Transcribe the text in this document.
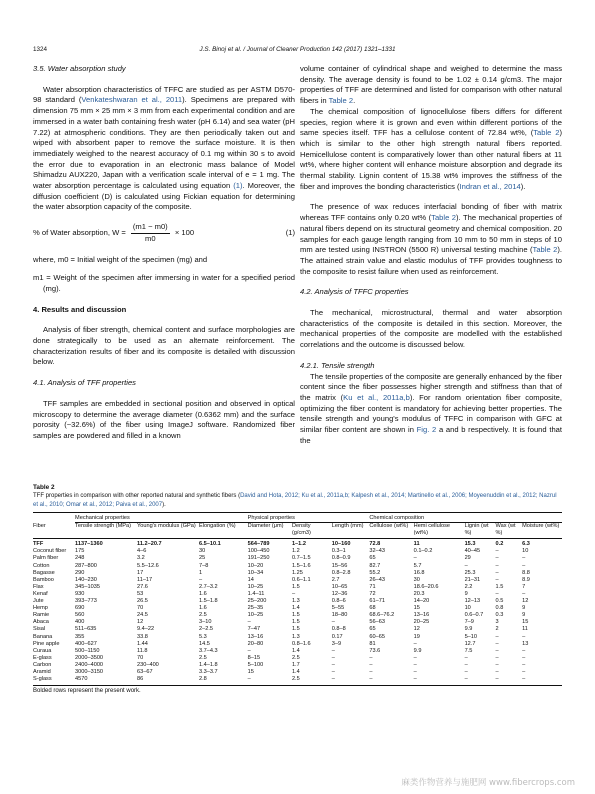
1324	J.S. Binoj et al. / Journal of Cleaner Production 142 (2017) 1321–1331
3.5. Water absorption study

Water absorption characteristics of TFFC are studied as per ASTM D570-98 standard (Venkateshwaran et al., 2011). Specimens are prepared with dimension 75 mm × 25 mm × 3 mm from each experimental condition and are immersed in a water bath containing fresh water (pH 6.14) and sea water (pH 7.22) at atmospheric conditions. They are then periodically taken out and wiped with absorbent paper to remove the surface moisture. It is then immediately weighed to the nearest accuracy of 0.1 mg within 30 s to avoid the error due to evaporation in an electronic mass balance of Model Shimadzu AUX220, Japan with a verification scale interval of e = 1 mg. The water absorption percentage is calculated using equation (1). Moreover, the diffusion coefficient (D) is calculated using Fickian equation for determining the water absorption capacity of the composite.

% of Water absorption, $W = \frac{(m1 - m0)}{m0} \times 100$	(1)

where, m0 = Initial weight of the specimen (mg) and

m1 = Weight of the specimen after immersing in water for a specified period (mg).

4. Results and discussion

Analysis of fiber strength, chemical content and surface morphologies are done strategically to be used as an alternate reinforcement. The characterization results of fiber and its composite is detailed with discussion below.

4.1. Analysis of TFF properties

TFF samples are embedded in sectional position and observed in optical microscopy to determine the average diameter (0.6362 mm) and the surface porosity (~32.6%) of the fiber using ImageJ software. Randomized fiber samples are powdered and filled in a known

volume container of cylindrical shape and weighed to determine the mass density. The average density is found to be 1.02 ± 0.14 g/cm3. The major properties of TFF are determined and listed for comparison with other natural fibers in Table 2.

The chemical composition of lignocellulose fibers differs for different species, region where it is grown and even within different portions of the same species itself. TFF has a cellulose content of 72.84 wt%, (Table 2) which is similar to the other high strength natural fibers reported. Hemicellulose content is comparatively lower than other natural fibers at 11 wt%, where higher content will enhance moisture absorption and degrade its thermal stability. Lignin content of 15.38 wt% improves the stiffness of the fiber and improves the bonding characteristics (Indran et al., 2014).

The presence of wax reduces interfacial bonding of fiber with matrix whereas TFF contains only 0.20 wt% (Table 2). The mechanical properties of natural fibers depend on its structural geometry and chemical composition. 20 samples for each gauge length ranging from 10 mm to 50 mm in steps of 10 mm are tested using INSTRON (5500 R) universal testing machine (Table 2). The attained strain value and elastic modulus of TFF provides toughness to the composite to resist failure when used as reinforcement.

4.2. Analysis of TFFC properties

The mechanical, microstructural, thermal and water absorption characteristics of the composite is detailed in this section. Moreover, the mechanical properties of the composite are modelled with the established correlations and the outcome is discussed below.

4.2.1. Tensile strength

The tensile properties of the composite are generally enhanced by the fiber content since the fiber possesses higher strength and stiffness than that of the matrix (Ku et al., 2011a,b). For random orientation fiber composite, optimizing the fiber content is mandatory for achieving better properties. The tensile strength and young's modulus of TFFC in comparison with GFC at similar fiber content are shown in Fig. 2 a and b respectively. It is found that the

Table 2
TFF properties in comparison with other reported natural and synthetic fibers (David and Hota, 2012; Ku et al., 2011a,b; Kalpesh et al., 2014; Martinello et al., 2006; Moyeenuddin et al., 2012; Nazrul et al., 2010; Omar et al., 2012; Paiva et al., 2007).
	Mechanical properties			Physical properties			Chemical composition				
Fiber	Tensile strength (MPa)	Young's modulus (GPa)	Elongation (%)	Diameter (μm)	Density (g/cm3)	Length (mm)	Cellulose (wt%)	Hemi cellulose (wt%)	Lignin (wt %)	Wax (wt %)	Moisture (wt%)
TFF	1137–1360	11.2–20.7	6.5–10.1	564–789	1–1.2	10–160	72.8	11	15.3	0.2	6.3
Coconut fiber	175	4–6	30	100–450	1.2	0.3–1	32–43	0.1–0.2	40–45	–	10
Palm fiber	248	3.2	25	191–250	0.7–1.5	0.8–0.9	65	–	29	–	–
Cotton	287–800	5.5–12.6	7–8	10–20	1.5–1.6	15–56	82.7	5.7	–	–	–
Bagasse	290	17	1	10–34	1.25	0.8–2.8	55.2	16.8	25.3	–	8.8
Bamboo	140–230	11–17	–	14	0.6–1.1	2.7	26–43	30	21–31	–	8.9
Flax	345–1035	27.6	2.7–3.2	10–25	1.5	10–65	71	18.6–20.6	2.2	1.5	7
Kenaf	930	53	1.6	1.4–11	–	12–36	72	20.3	9	–	–
Jute	393–773	26.5	1.5–1.8	25–200	1.3	0.8–6	61–71	14–20	12–13	0.5	12
Hemp	690	70	1.6	25–35	1.4	5–55	68	15	10	0.8	9
Ramie	560	24.5	2.5	10–25	1.5	18–80	68.6–76.2	13–16	0.6–0.7	0.3	9
Abaca	400	12	3–10	–	1.5	–	56–63	20–25	7–9	3	15
Sisal	511–635	9.4–22	2–2.5	7–47	1.5	0.8–8	65	12	9.9	2	11
Banana	355	33.8	5.3	13–16	1.3	0.17	60–65	19	5–10	–	–
Pine apple	400–627	1.44	14.5	20–80	0.8–1.6	3–9	81	–	12.7	–	13
Curaua	500–1150	11.8	3.7–4.3	–	1.4	–	73.6	9.9	7.5	–	–
E-glass	2000–3500	70	2.5	8–15	2.5	–	–	–	–	–	–
Carbon	2400–4000	230–400	1.4–1.8	5–100	1.7	–	–	–	–	–	–
Aramid	3000–3150	63–67	3.3–3.7	15	1.4	–	–	–	–	–	–
S-glass	4570	86	2.8	–	2.5	–	–	–	–	–	–
Bolded rows represent the present work.
麻类作物营养与施肥网 www.fibercrops.com
